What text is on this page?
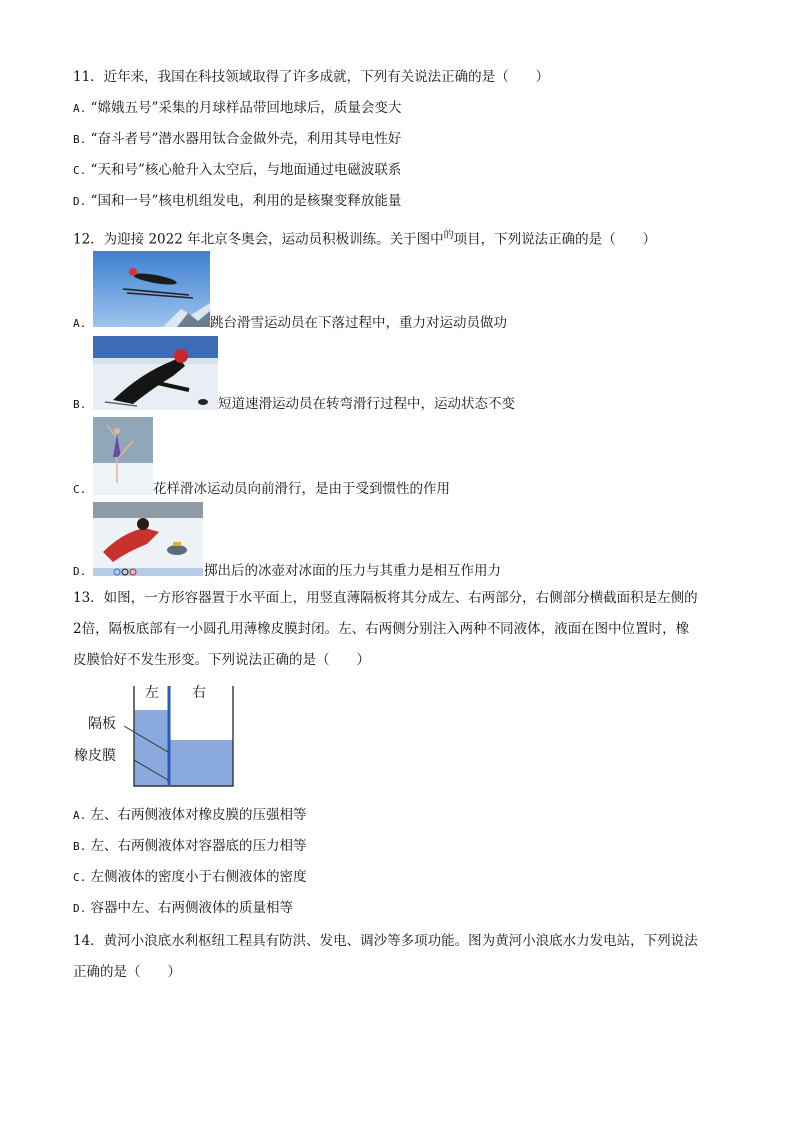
11．近年来，我国在科技领域取得了许多成就，下列有关说法正确的是（　　）
A. “嫦娥五号”采集的月球样品带回地球后，质量会变大
B. “奋斗者号”潜水器用钛合金做外壳，利用其导电性好
C. “天和号”核心舱升入太空后，与地面通过电磁波联系
D. “国和一号”核电机组发电，利用的是核聚变释放能量
12．为迎接 2022 年北京冬奥会，运动员积极训练。关于图中$^的$项目，下列说法正确的是（　　）
A.	跳台滑雪运动员在下落过程中，重力对运动员做功
B.	短道速滑运动员在转弯滑行过程中，运动状态不变
C.	花样滑冰运动员向前滑行，是由于受到惯性的作用
D.	掷出后的冰壶对冰面的压力与其重力是相互作用力
13．如图，一方形容器置于水平面上，用竖直薄隔板将其分成左、右两部分，右侧部分横截面积是左侧的
2倍，隔板底部有一小圆孔用薄橡皮膜封闭。左、右两侧分别注入两种不同液体，液面在图中位置时，橡
皮膜恰好不发生形变。下列说法正确的是（　　）
左 右
隔板
橡皮膜
A. 左、右两侧液体对橡皮膜的压强相等
B. 左、右两侧液体对容器底的压力相等
C. 左侧液体的密度小于右侧液体的密度
D. 容器中左、右两侧液体的质量相等
14．黄河小浪底水利枢纽工程具有防洪、发电、调沙等多项功能。图为黄河小浪底水力发电站，下列说法
正确的是（　　）
